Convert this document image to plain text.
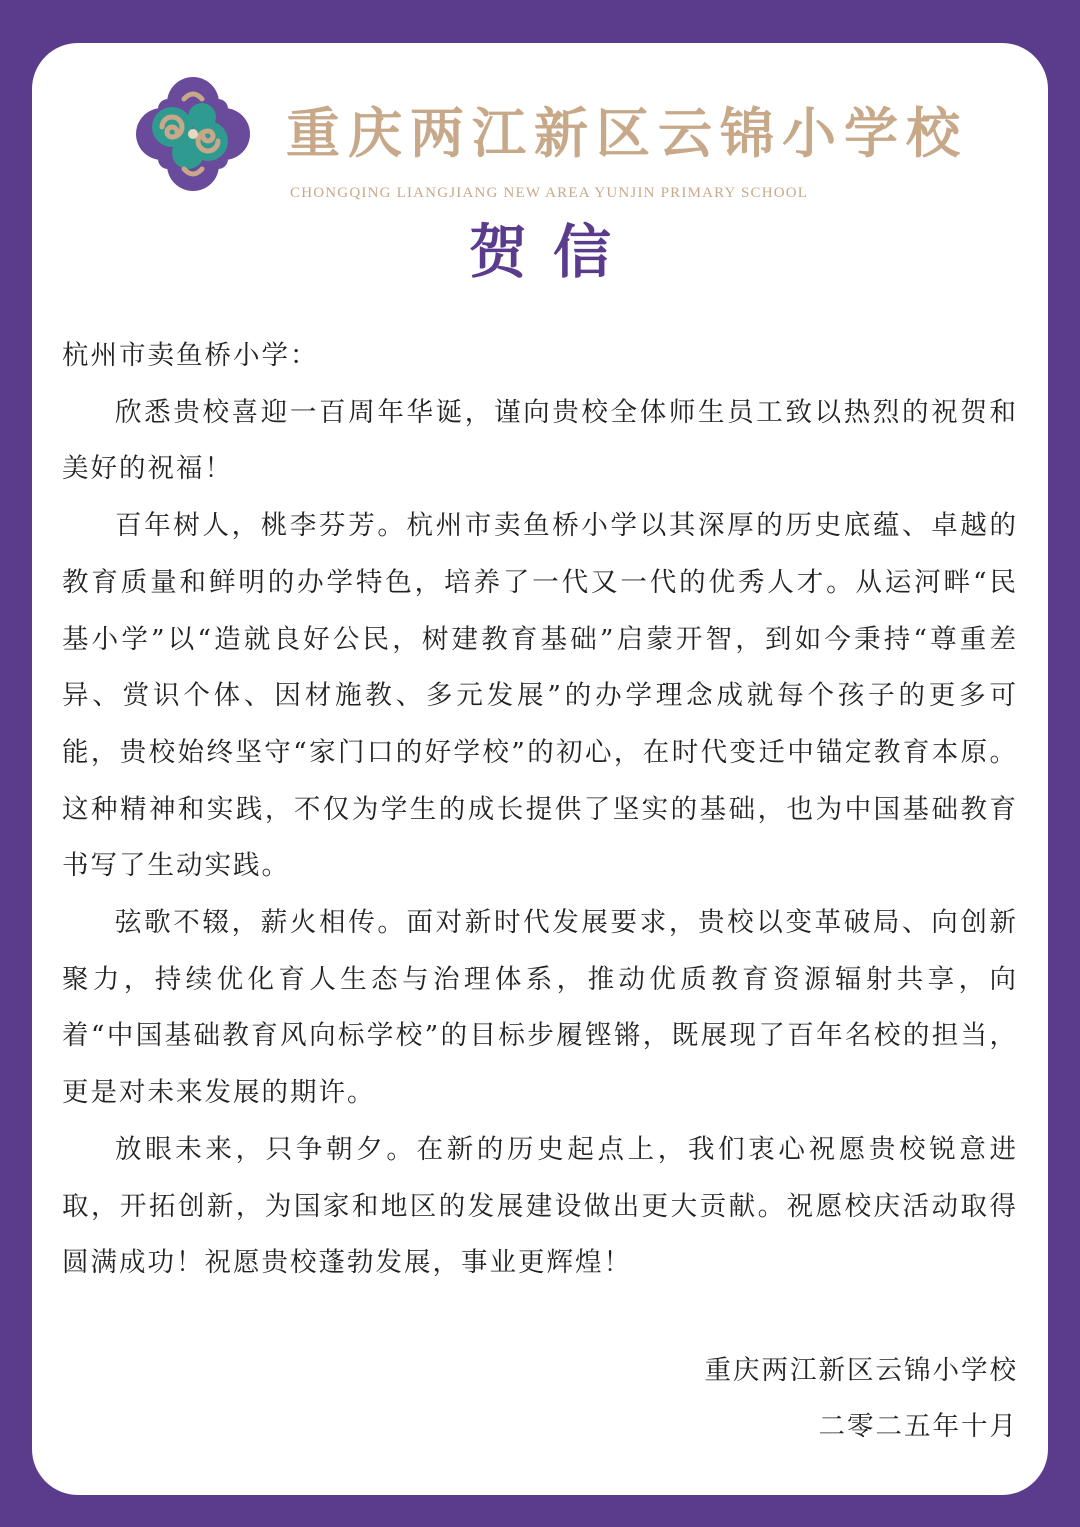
重庆两江新区云锦小学校
CHONGQING LIANGJIANG NEW AREA YUNJIN PRIMARY SCHOOL
贺信

杭州市卖鱼桥小学：

欣悉贵校喜迎一百周年华诞，谨向贵校全体师生员工致以热烈的祝贺和美好的祝福！

百年树人，桃李芬芳。杭州市卖鱼桥小学以其深厚的历史底蕴、卓越的教育质量和鲜明的办学特色，培养了一代又一代的优秀人才。从运河畔“民基小学”以“造就良好公民，树建教育基础”启蒙开智，到如今秉持“尊重差异、赏识个体、因材施教、多元发展”的办学理念成就每个孩子的更多可能，贵校始终坚守“家门口的好学校”的初心，在时代变迁中锚定教育本原。这种精神和实践，不仅为学生的成长提供了坚实的基础，也为中国基础教育书写了生动实践。

弦歌不辍，薪火相传。面对新时代发展要求，贵校以变革破局、向创新聚力，持续优化育人生态与治理体系，推动优质教育资源辐射共享，向着“中国基础教育风向标学校”的目标步履铿锵，既展现了百年名校的担当，更是对未来发展的期许。

放眼未来，只争朝夕。在新的历史起点上，我们衷心祝愿贵校锐意进取，开拓创新，为国家和地区的发展建设做出更大贡献。祝愿校庆活动取得圆满成功！祝愿贵校蓬勃发展，事业更辉煌！

重庆两江新区云锦小学校
二零二五年十月
